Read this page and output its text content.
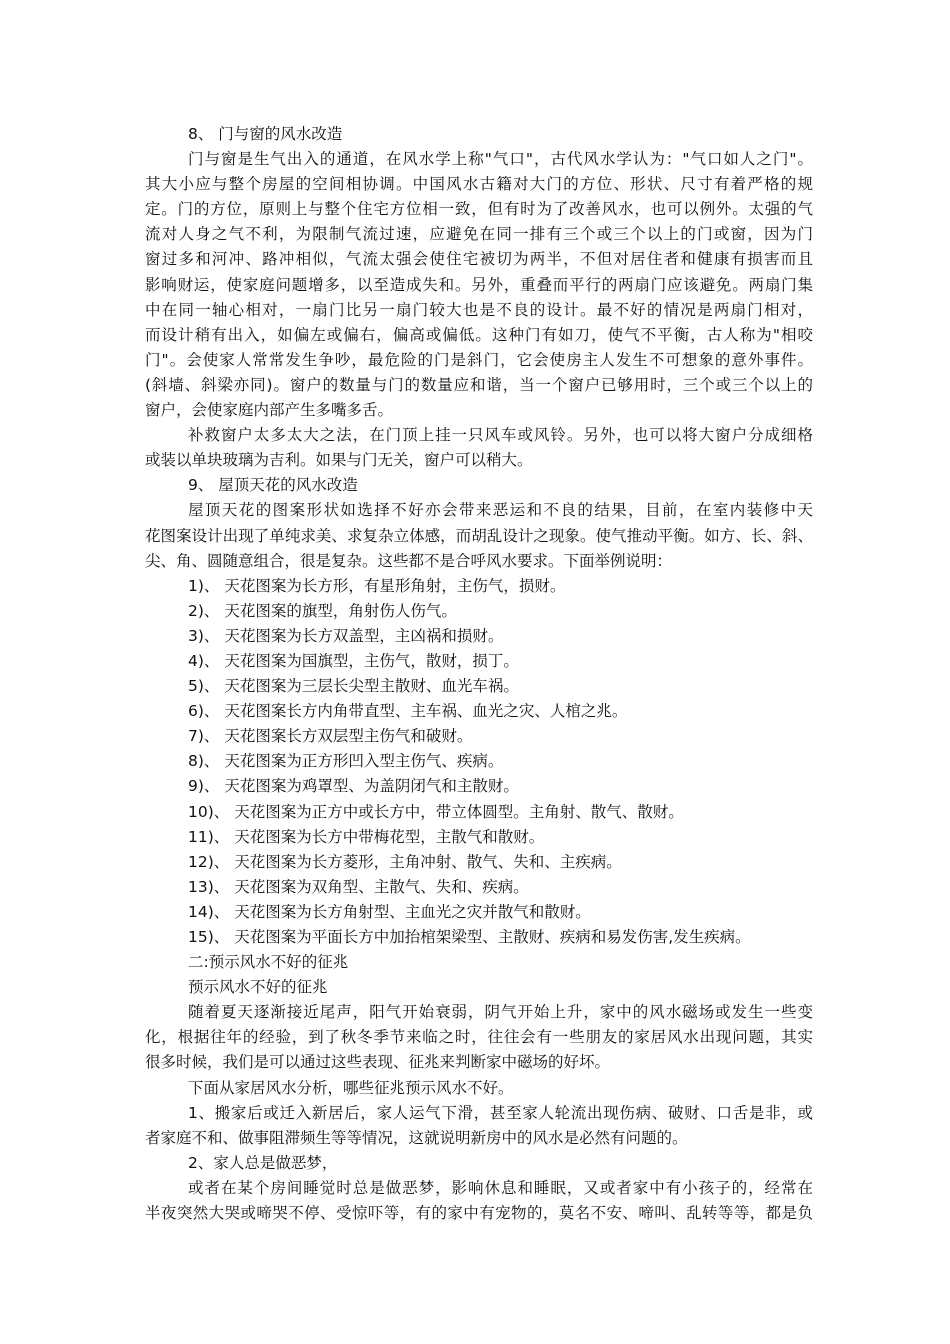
8、 门与窗的风水改造
门与窗是生气出入的通道，在风水学上称"气口"，古代风水学认为："气口如人之门"。
其大小应与整个房屋的空间相协调。中国风水古籍对大门的方位、形状、尺寸有着严格的规
定。门的方位，原则上与整个住宅方位相一致，但有时为了改善风水，也可以例外。太强的气
流对人身之气不利，为限制气流过速，应避免在同一排有三个或三个以上的门或窗，因为门
窗过多和河冲、路冲相似，气流太强会使住宅被切为两半，不但对居住者和健康有损害而且
影响财运，使家庭问题增多，以至造成失和。另外，重叠而平行的两扇门应该避免。两扇门集
中在同一轴心相对，一扇门比另一扇门较大也是不良的设计。最不好的情况是两扇门相对，
而设计稍有出入，如偏左或偏右，偏高或偏低。这种门有如刀，使气不平衡，古人称为"相咬
门"。会使家人常常发生争吵，最危险的门是斜门，它会使房主人发生不可想象的意外事件。
(斜墙、斜梁亦同)。窗户的数量与门的数量应和谐，当一个窗户已够用时，三个或三个以上的
窗户，会使家庭内部产生多嘴多舌。
补救窗户太多太大之法，在门顶上挂一只风车或风铃。另外，也可以将大窗户分成细格
或装以单块玻璃为吉利。如果与门无关，窗户可以稍大。
9、 屋顶天花的风水改造
屋顶天花的图案形状如选择不好亦会带来恶运和不良的结果，目前，在室内装修中天
花图案设计出现了单纯求美、求复杂立体感，而胡乱设计之现象。使气推动平衡。如方、长、斜、
尖、角、圆随意组合，很是复杂。这些都不是合呼风水要求。下面举例说明：
1)、 天花图案为长方形，有星形角射，主伤气，损财。
2)、 天花图案的旗型，角射伤人伤气。
3)、 天花图案为长方双盖型，主凶祸和损财。
4)、 天花图案为国旗型，主伤气，散财，损丁。
5)、 天花图案为三层长尖型主散财、血光车祸。
6)、 天花图案长方内角带直型、主车祸、血光之灾、人棺之兆。
7)、 天花图案长方双层型主伤气和破财。
8)、 天花图案为正方形凹入型主伤气、疾病。
9)、 天花图案为鸡罩型、为盖阴闭气和主散财。
10)、 天花图案为正方中或长方中，带立体圆型。主角射、散气、散财。
11)、 天花图案为长方中带梅花型，主散气和散财。
12)、 天花图案为长方菱形，主角冲射、散气、失和、主疾病。
13)、 天花图案为双角型、主散气、失和、疾病。
14)、 天花图案为长方角射型、主血光之灾并散气和散财。
15)、 天花图案为平面长方中加抬棺架梁型、主散财、疾病和易发伤害,发生疾病。
二:预示风水不好的征兆
预示风水不好的征兆
随着夏天逐渐接近尾声，阳气开始衰弱，阴气开始上升，家中的风水磁场或发生一些变
化，根据往年的经验，到了秋冬季节来临之时，往往会有一些朋友的家居风水出现问题，其实
很多时候，我们是可以通过这些表现、征兆来判断家中磁场的好坏。
下面从家居风水分析，哪些征兆预示风水不好。
1、搬家后或迁入新居后，家人运气下滑，甚至家人轮流出现伤病、破财、口舌是非，或
者家庭不和、做事阻滞频生等等情况，这就说明新房中的风水是必然有问题的。
2、家人总是做恶梦，
或者在某个房间睡觉时总是做恶梦，影响休息和睡眠，又或者家中有小孩子的，经常在
半夜突然大哭或啼哭不停、受惊吓等，有的家中有宠物的，莫名不安、啼叫、乱转等等，都是负
